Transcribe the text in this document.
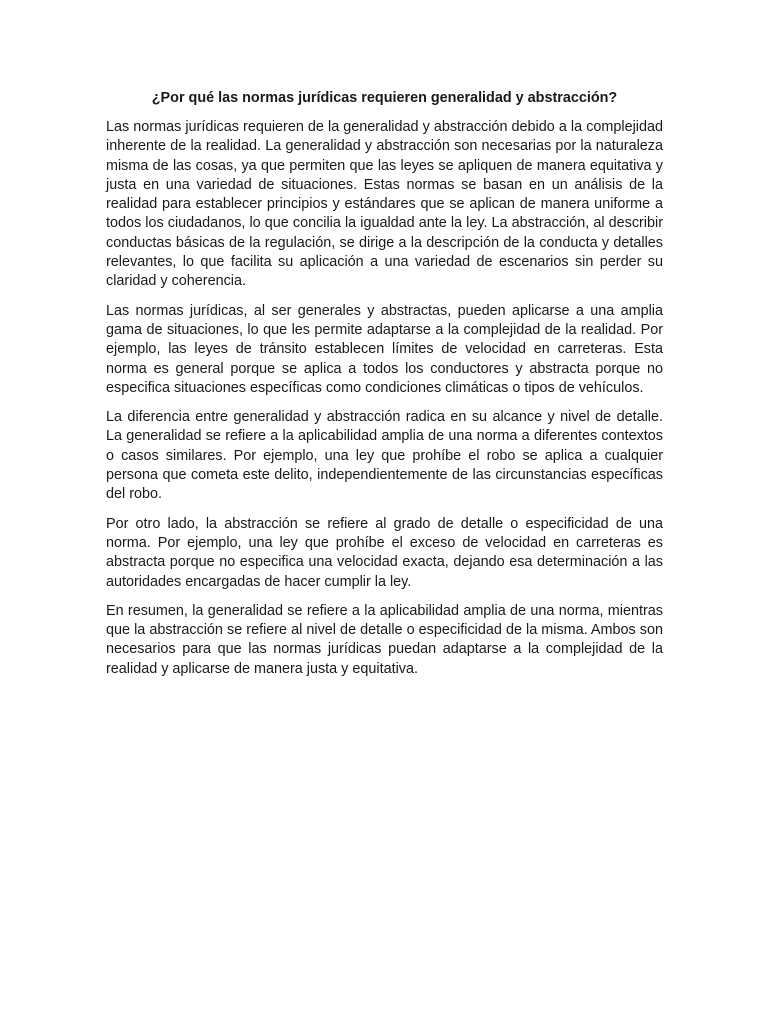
¿Por qué las normas jurídicas requieren generalidad y abstracción?

Las normas jurídicas requieren de la generalidad y abstracción debido a la complejidad inherente de la realidad. La generalidad y abstracción son necesarias por la naturaleza misma de las cosas, ya que permiten que las leyes se apliquen de manera equitativa y justa en una variedad de situaciones. Estas normas se basan en un análisis de la realidad para establecer principios y estándares que se aplican de manera uniforme a todos los ciudadanos, lo que concilia la igualdad ante la ley. La abstracción, al describir conductas básicas de la regulación, se dirige a la descripción de la conducta y detalles relevantes, lo que facilita su aplicación a una variedad de escenarios sin perder su claridad y coherencia.

Las normas jurídicas, al ser generales y abstractas, pueden aplicarse a una amplia gama de situaciones, lo que les permite adaptarse a la complejidad de la realidad. Por ejemplo, las leyes de tránsito establecen límites de velocidad en carreteras. Esta norma es general porque se aplica a todos los conductores y abstracta porque no especifica situaciones específicas como condiciones climáticas o tipos de vehículos.

La diferencia entre generalidad y abstracción radica en su alcance y nivel de detalle. La generalidad se refiere a la aplicabilidad amplia de una norma a diferentes contextos o casos similares. Por ejemplo, una ley que prohíbe el robo se aplica a cualquier persona que cometa este delito, independientemente de las circunstancias específicas del robo.

Por otro lado, la abstracción se refiere al grado de detalle o especificidad de una norma. Por ejemplo, una ley que prohíbe el exceso de velocidad en carreteras es abstracta porque no especifica una velocidad exacta, dejando esa determinación a las autoridades encargadas de hacer cumplir la ley.

En resumen, la generalidad se refiere a la aplicabilidad amplia de una norma, mientras que la abstracción se refiere al nivel de detalle o especificidad de la misma. Ambos son necesarios para que las normas jurídicas puedan adaptarse a la complejidad de la realidad y aplicarse de manera justa y equitativa.
